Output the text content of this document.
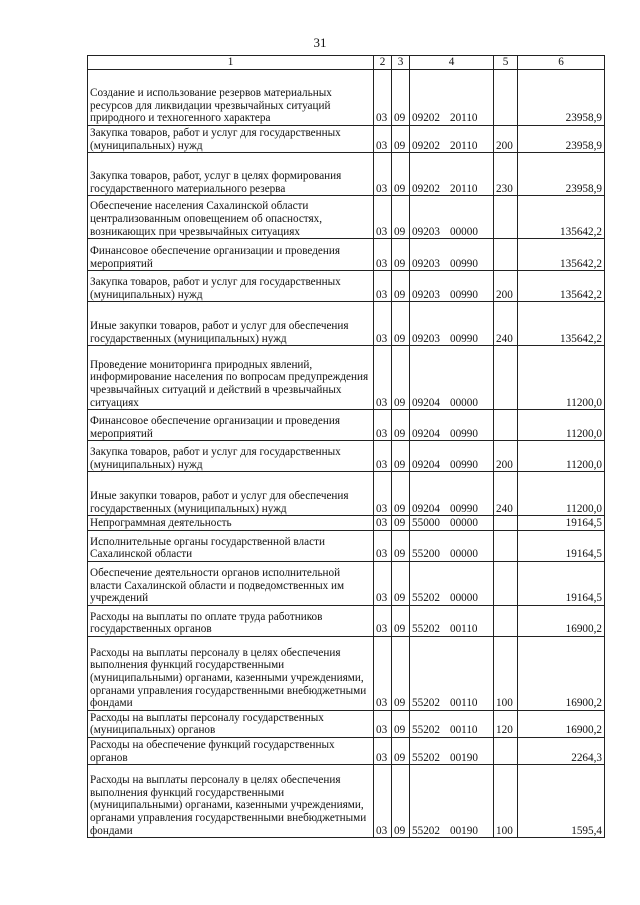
31
1	2	3	4	5	6
Создание и использование резервов материальных ресурсов для ликвидации чрезвычайных ситуаций природного и техногенного характера	03	09	09202 20110		23958,9
Закупка товаров, работ и услуг для государственных (муниципальных) нужд	03	09	09202 20110	200	23958,9
Закупка товаров, работ, услуг в целях формирования государственного материального резерва	03	09	09202 20110	230	23958,9
Обеспечение населения Сахалинской области централизованным оповещением об опасностях, возникающих при чрезвычайных ситуациях	03	09	09203 00000		135642,2
Финансовое обеспечение организации и проведения мероприятий	03	09	09203 00990		135642,2
Закупка товаров, работ и услуг для государственных (муниципальных) нужд	03	09	09203 00990	200	135642,2
Иные закупки товаров, работ и услуг для обеспечения государственных (муниципальных) нужд	03	09	09203 00990	240	135642,2
Проведение мониторинга природных явлений, информирование населения по вопросам предупреждения чрезвычайных ситуаций и действий в чрезвычайных ситуациях	03	09	09204 00000		11200,0
Финансовое обеспечение организации и проведения мероприятий	03	09	09204 00990		11200,0
Закупка товаров, работ и услуг для государственных (муниципальных) нужд	03	09	09204 00990	200	11200,0
Иные закупки товаров, работ и услуг для обеспечения государственных (муниципальных) нужд	03	09	09204 00990	240	11200,0
Непрограммная деятельность	03	09	55000 00000		19164,5
Исполнительные органы государственной власти Сахалинской области	03	09	55200 00000		19164,5
Обеспечение деятельности органов исполнительной власти Сахалинской области и подведомственных им учреждений	03	09	55202 00000		19164,5
Расходы на выплаты по оплате труда работников государственных органов	03	09	55202 00110		16900,2
Расходы на выплаты персоналу в целях обеспечения выполнения функций государственными (муниципальными) органами, казенными учреждениями, органами управления государственными внебюджетными фондами	03	09	55202 00110	100	16900,2
Расходы на выплаты персоналу государственных (муниципальных) органов	03	09	55202 00110	120	16900,2
Расходы на обеспечение функций государственных органов	03	09	55202 00190		2264,3
Расходы на выплаты персоналу в целях обеспечения выполнения функций государственными (муниципальными) органами, казенными учреждениями, органами управления государственными внебюджетными фондами	03	09	55202 00190	100	1595,4
